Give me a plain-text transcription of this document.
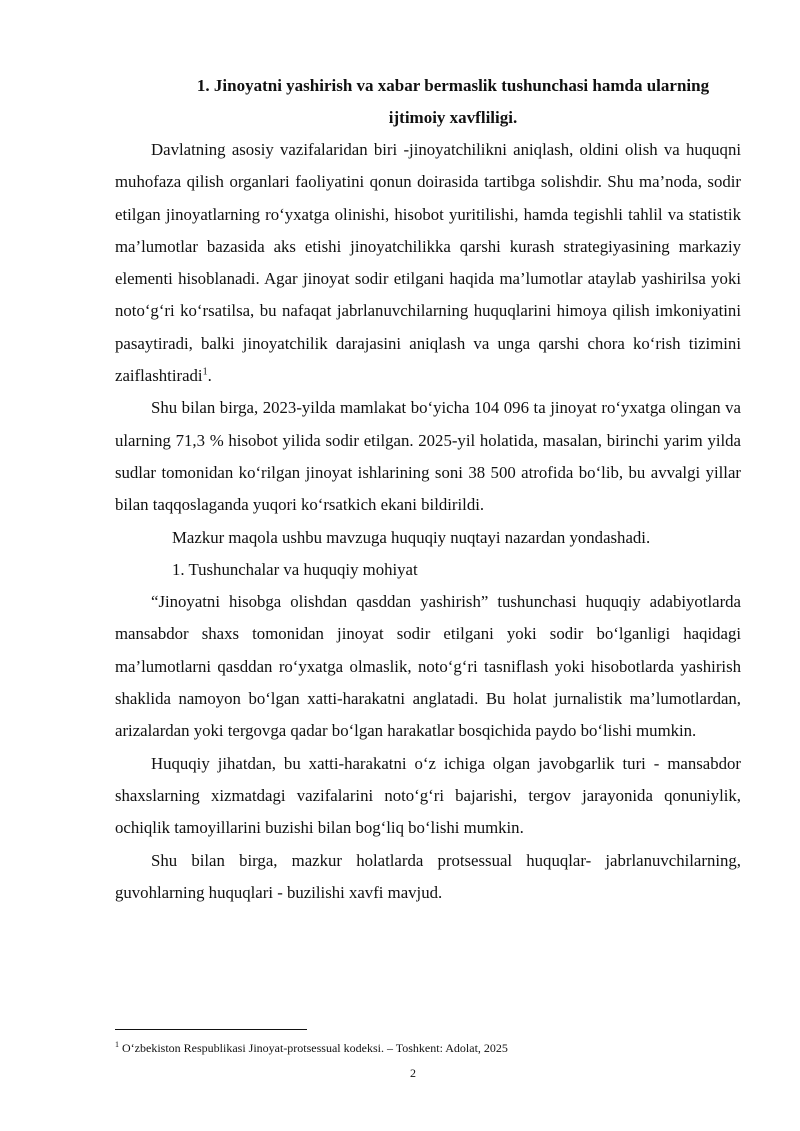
1. Jinoyatni yashirish va xabar bermaslik tushunchasi hamda ularning
ijtimoiy xavfliligi.

Davlatning asosiy vazifalaridan biri -jinoyatchilikni aniqlash, oldini olish va huquqni muhofaza qilish organlari faoliyatini qonun doirasida tartibga solishdir. Shu ma’noda, sodir etilgan jinoyatlarning ro‘yxatga olinishi, hisobot yuritilishi, hamda tegishli tahlil va statistik ma’lumotlar bazasida aks etishi jinoyatchilikka qarshi kurash strategiyasining markaziy elementi hisoblanadi. Agar jinoyat sodir etilgani haqida ma’lumotlar ataylab yashirilsa yoki noto‘g‘ri ko‘rsatilsa, bu nafaqat jabrlanuvchilarning huquqlarini himoya qilish imkoniyatini pasaytiradi, balki jinoyatchilik darajasini aniqlash va unga qarshi chora ko‘rish tizimini zaiflashtiradi$^1$.

Shu bilan birga, 2023-yilda mamlakat bo‘yicha 104 096 ta jinoyat ro‘yxatga olingan va ularning 71,3 % hisobot yilida sodir etilgan. 2025-yil holatida, masalan, birinchi yarim yilda sudlar tomonidan ko‘rilgan jinoyat ishlarining soni 38 500 atrofida bo‘lib, bu avvalgi yillar bilan taqqoslaganda yuqori ko‘rsatkich ekani bildirildi.

Mazkur maqola ushbu mavzuga huquqiy nuqtayi nazardan yondashadi.

1. Tushunchalar va huquqiy mohiyat

“Jinoyatni hisobga olishdan qasddan yashirish” tushunchasi huquqiy adabiyotlarda mansabdor shaxs tomonidan jinoyat sodir etilgani yoki sodir bo‘lganligi haqidagi ma’lumotlarni qasddan ro‘yxatga olmaslik, noto‘g‘ri tasniflash yoki hisobotlarda yashirish shaklida namoyon bo‘lgan xatti-harakatni anglatadi. Bu holat jurnalistik ma’lumotlardan, arizalardan yoki tergovga qadar bo‘lgan harakatlar bosqichida paydo bo‘lishi mumkin.

Huquqiy jihatdan, bu xatti-harakatni o‘z ichiga olgan javobgarlik turi - mansabdor shaxslarning xizmatdagi vazifalarini noto‘g‘ri bajarishi, tergov jarayonida qonuniylik, ochiqlik tamoyillarini buzishi bilan bog‘liq bo‘lishi mumkin.

Shu bilan birga, mazkur holatlarda protsessual huquqlar- jabrlanuvchilarning, guvohlarning huquqlari - buzilishi xavfi mavjud.

$^1$ O‘zbekiston Respublikasi Jinoyat-protsessual kodeksi. – Toshkent: Adolat, 2025
2
